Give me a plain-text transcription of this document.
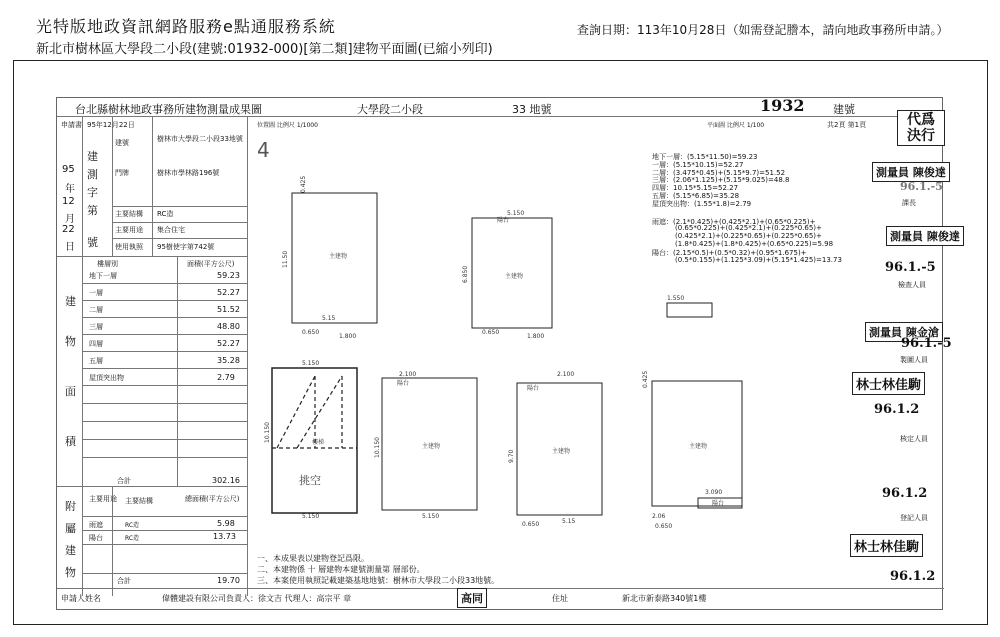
光特版地政資訊網路服務e點通服務系統
新北市樹林區大學段二小段(建號:01932-000)[第二類]建物平面圖(已縮小列印)
查詢日期：113年10月28日（如需登記謄本，請向地政事務所申請。）
台北縣樹林地政事務所建物測量成果圖	大學段二小段	33 地號	1932	建號
申請書 95年12月22日
建
測
字
第
號
95
年
12
月
22
日
建號	樹林市大學段二小段33地號
門牌	樹林市學林路196號
主要結構 RC造
主要用途 集合住宅
使用執照 95樹使字第742號
樓層別	面積(平方公尺)
地下一層	59.23
一層	52.27
二層	51.52
三層	48.80
四層	52.27
五層	35.28
屋頂突出物	2.79
建
物
面
積
合計	302.16
附
屬
建
物
主要用途 主要結構	總面積(平方公尺)
雨遮	RC造	5.98
陽台	RC造	13.73
合計	19.70
位置圖 比例尺 1/1000	平面圖 比例尺 1/100	共2頁 第1頁
4	地下一層：(5.15*11.50)=59.23
一層：(5.15*10.15)=52.27
二層：(3.475*0.45)+(5.15*9.7)=51.52
三層：(2.06*1.125)+(5.15*9.025)=48.8
四層：10.15*5.15=52.27
五層：(5.15*6.85)=35.28
屋頂突出物：(1.55*1.8)=2.79
雨遮：(2.1*0.425)+(0.425*2.1)+(0.65*0.225)+
(0.65*0.225)+(0.425*2.1)+(0.225*0.65)+
(0.425*2.1)+(0.225*0.65)+(0.225*0.65)+
(1.8*0.425)+(1.8*0.425)+(0.65*0.225)=5.98
陽台：(2.15*0.5)+(0.5*0.32)+(0.95*1.675)+
(0.5*0.155)+(1.125*3.09)+(5.15*1.425)=13.73
5.15
5.150
5.150
5.150
5.15
5.150
0.650
1.800
0.650
1.800
2.100	2.100
0.650
1.550
3.090
2.06
0.650
主建物
主建物
主建物
主建物
主建物
陽台
陽台
陽台
陽台
樓梯
11.50
6.850
10.150	9.70
10.150
0.425
0.425
挑空
一、本成果表以建物登記爲限。
二、本建物係 十 層建物本建號測量第 層部份。
三、本案使用執照記載建築基地地號：樹林市大學段二小段33地號。
申請人姓名	偉體建設有限公司負責人：徐文吉 代理人：高宗平 章	住址	新北市新泰路340號1樓
高同
代爲決行
測量員 陳俊達
課長
測量員 陳俊達
96.1.-5
檢查人員
測量員 陳金滄
96.1.-5
製圖人員
林士林佳駒
96.1.2
核定人員
96.1.2
登記人員
林士林佳駒
96.1.2
96.1.-5
